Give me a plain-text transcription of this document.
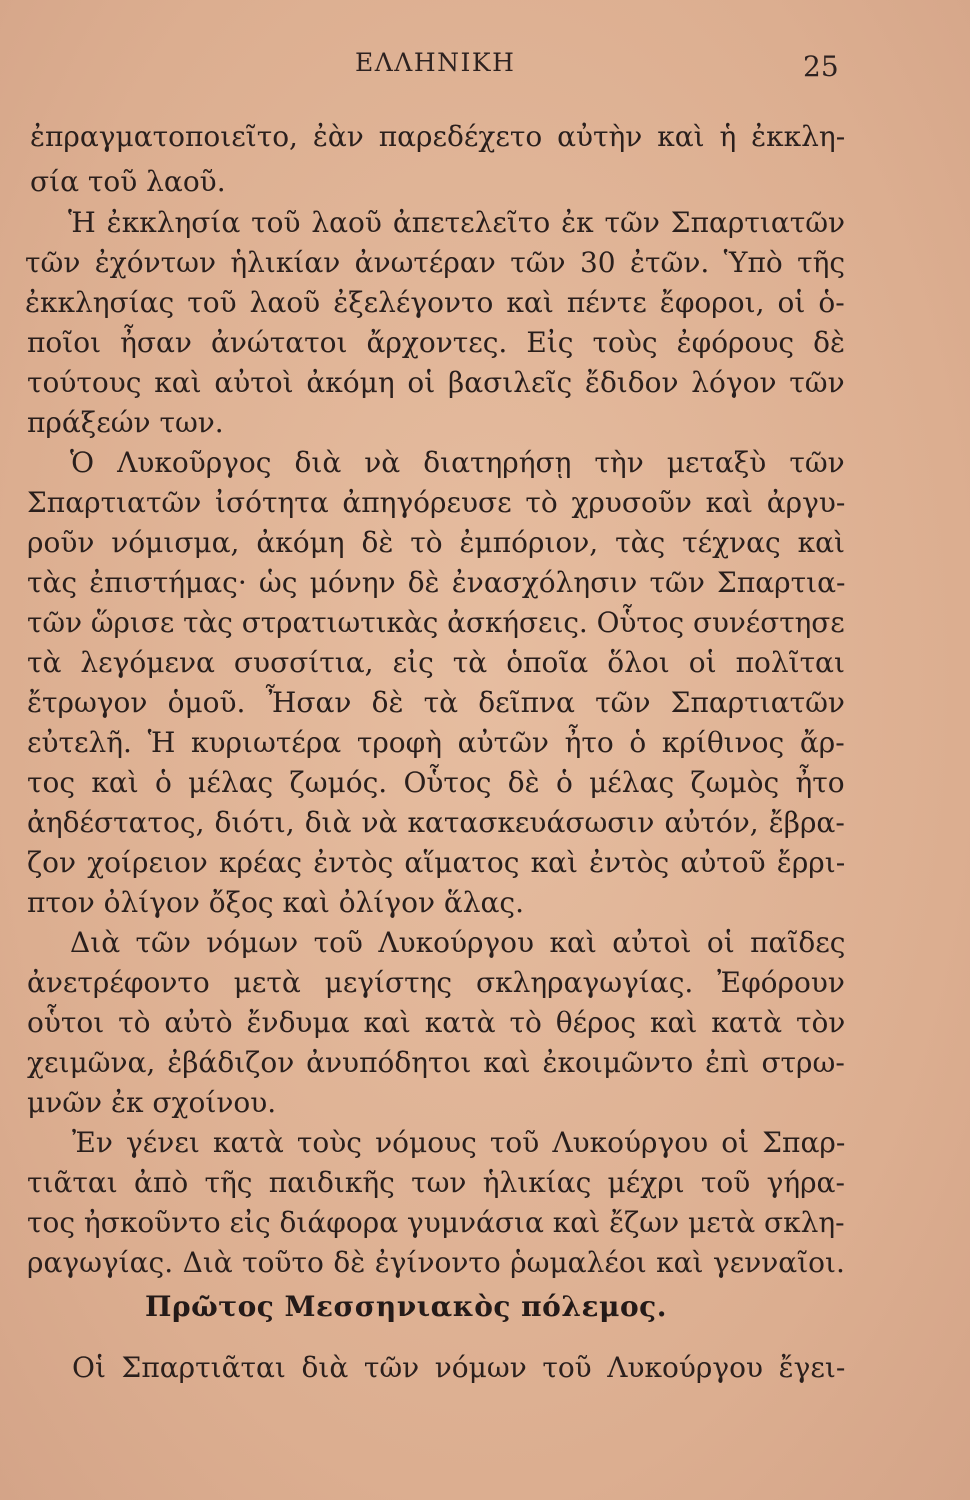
ΕΛΛΗΝΙΚΗ	25
ἐπραγματοποιεῖτο, ἐὰν παρεδέχετο αὐτὴν καὶ ἡ ἐκκλη-
σία τοῦ λαοῦ.
Ἡ ἐκκλησία τοῦ λαοῦ ἀπετελεῖτο ἐκ τῶν Σπαρτιατῶν
τῶν ἐχόντων ἡλικίαν ἀνωτέραν τῶν 30 ἐτῶν. Ὑπὸ τῆς
ἐκκλησίας τοῦ λαοῦ ἐξελέγοντο καὶ πέντε ἔφοροι, οἱ ὁ-
ποῖοι ἦσαν ἀνώτατοι ἄρχοντες. Εἰς τοὺς ἐφόρους δὲ
τούτους καὶ αὐτοὶ ἀκόμη οἱ βασιλεῖς ἔδιδον λόγον τῶν
πράξεών των.
Ὁ Λυκοῦργος διὰ νὰ διατηρήσῃ τὴν μεταξὺ τῶν
Σπαρτιατῶν ἰσότητα ἀπηγόρευσε τὸ χρυσοῦν καὶ ἀργυ-
ροῦν νόμισμα, ἀκόμη δὲ τὸ ἐμπόριον, τὰς τέχνας καὶ
τὰς ἐπιστήμας· ὡς μόνην δὲ ἐνασχόλησιν τῶν Σπαρτια-
τῶν ὥρισε τὰς στρατιωτικὰς ἀσκήσεις. Οὗτος συνέστησε
τὰ λεγόμενα συσσίτια, εἰς τὰ ὁποῖα ὅλοι οἱ πολῖται
ἔτρωγον ὁμοῦ. Ἦσαν δὲ τὰ δεῖπνα τῶν Σπαρτιατῶν
εὐτελῆ. Ἡ κυριωτέρα τροφὴ αὐτῶν ἦτο ὁ κρίθινος ἄρ-
τος καὶ ὁ μέλας ζωμός. Οὗτος δὲ ὁ μέλας ζωμὸς ἦτο
ἀηδέστατος, διότι, διὰ νὰ κατασκευάσωσιν αὐτόν, ἔβρα-
ζον χοίρειον κρέας ἐντὸς αἵματος καὶ ἐντὸς αὐτοῦ ἔρρι-
πτον ὀλίγον ὄξος καὶ ὀλίγον ἅλας.
Διὰ τῶν νόμων τοῦ Λυκούργου καὶ αὐτοὶ οἱ παῖδες
ἀνετρέφοντο μετὰ μεγίστης σκληραγωγίας. Ἐφόρουν
οὗτοι τὸ αὐτὸ ἔνδυμα καὶ κατὰ τὸ θέρος καὶ κατὰ τὸν
χειμῶνα, ἐβάδιζον ἀνυπόδητοι καὶ ἐκοιμῶντο ἐπὶ στρω-
μνῶν ἐκ σχοίνου.
Ἐν γένει κατὰ τοὺς νόμους τοῦ Λυκούργου οἱ Σπαρ-
τιᾶται ἀπὸ τῆς παιδικῆς των ἡλικίας μέχρι τοῦ γήρα-
τος ἠσκοῦντο εἰς διάφορα γυμνάσια καὶ ἔζων μετὰ σκλη-
ραγωγίας. Διὰ τοῦτο δὲ ἐγίνοντο ῥωμαλέοι καὶ γενναῖοι.
Πρῶτος Μεσσηνιακὸς πόλεμος.
Οἱ Σπαρτιᾶται διὰ τῶν νόμων τοῦ Λυκούργου ἔγει-
